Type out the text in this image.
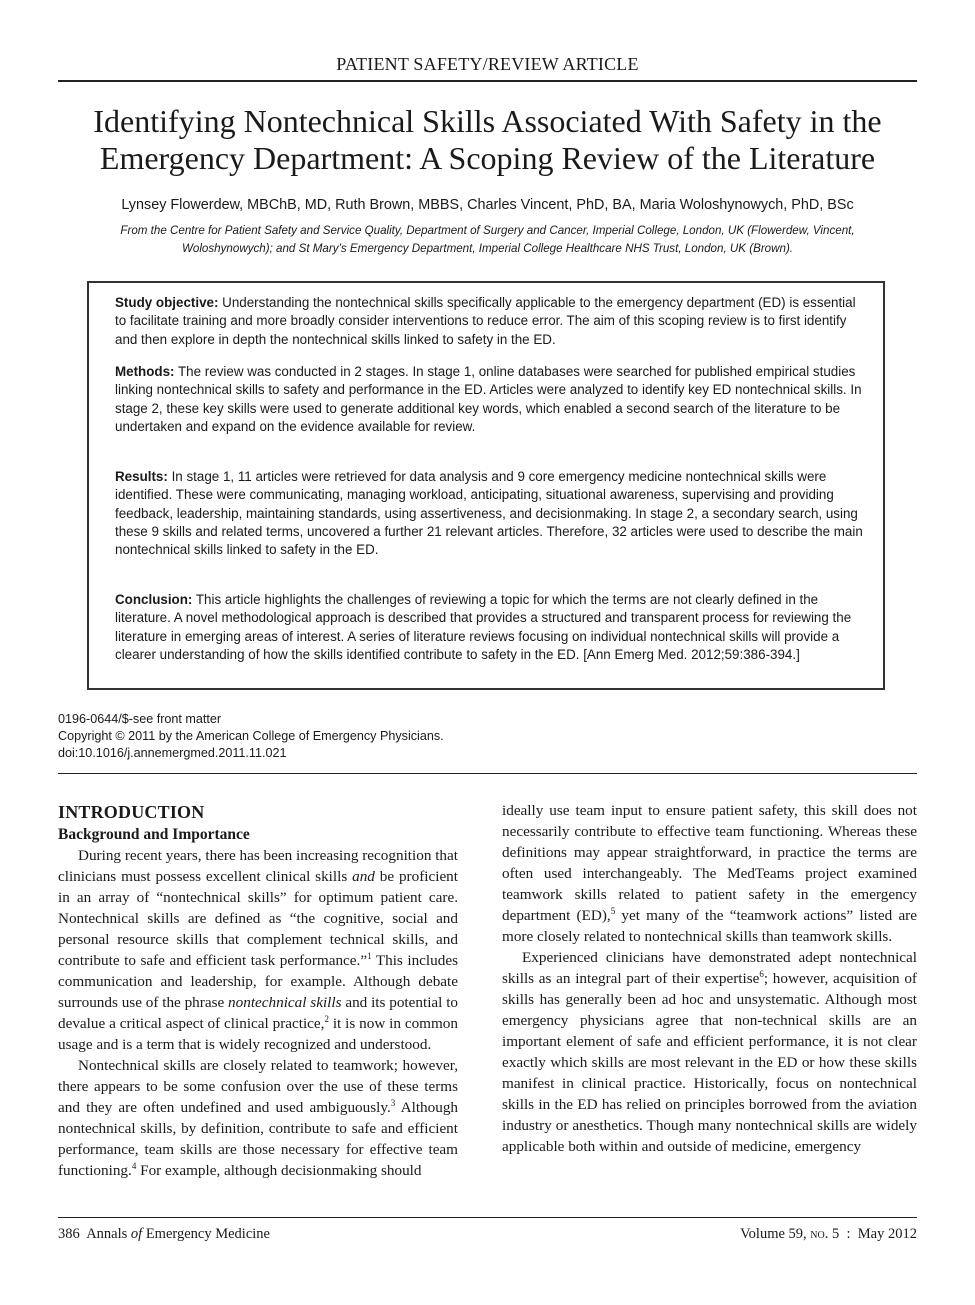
PATIENT SAFETY/REVIEW ARTICLE
Identifying Nontechnical Skills Associated With Safety in the
Emergency Department: A Scoping Review of the Literature
Lynsey Flowerdew, MBChB, MD, Ruth Brown, MBBS, Charles Vincent, PhD, BA, Maria Woloshynowych, PhD, BSc
From the Centre for Patient Safety and Service Quality, Department of Surgery and Cancer, Imperial College, London, UK (Flowerdew, Vincent,
Woloshynowych); and St Mary’s Emergency Department, Imperial College Healthcare NHS Trust, London, UK (Brown).

Study objective: Understanding the nontechnical skills specifically applicable to the emergency department (ED) is essential to facilitate training and more broadly consider interventions to reduce error. The aim of this scoping review is to first identify and then explore in depth the nontechnical skills linked to safety in the ED.

Methods: The review was conducted in 2 stages. In stage 1, online databases were searched for published empirical studies linking nontechnical skills to safety and performance in the ED. Articles were analyzed to identify key ED nontechnical skills. In stage 2, these key skills were used to generate additional key words, which enabled a second search of the literature to be undertaken and expand on the evidence available for review.

Results: In stage 1, 11 articles were retrieved for data analysis and 9 core emergency medicine nontechnical skills were identified. These were communicating, managing workload, anticipating, situational awareness, supervising and providing feedback, leadership, maintaining standards, using assertiveness, and decisionmaking. In stage 2, a secondary search, using these 9 skills and related terms, uncovered a further 21 relevant articles. Therefore, 32 articles were used to describe the main nontechnical skills linked to safety in the ED.

Conclusion: This article highlights the challenges of reviewing a topic for which the terms are not clearly defined in the literature. A novel methodological approach is described that provides a structured and transparent process for reviewing the literature in emerging areas of interest. A series of literature reviews focusing on individual nontechnical skills will provide a clearer understanding of how the skills identified contribute to safety in the ED. [Ann Emerg Med. 2012;59:386-394.]

0196-0644/$-see front matter
Copyright © 2011 by the American College of Emergency Physicians.
doi:10.1016/j.annemergmed.2011.11.021
INTRODUCTION
Background and Importance

During recent years, there has been increasing recognition that clinicians must possess excellent clinical skills and be proficient in an array of “nontechnical skills” for optimum patient care. Nontechnical skills are defined as “the cognitive, social and personal resource skills that complement technical skills, and contribute to safe and efficient task performance.”$^1$ This includes communication and leadership, for example. Although debate surrounds use of the phrase nontechnical skills and its potential to devalue a critical aspect of clinical practice,$^2$ it is now in common usage and is a term that is widely recognized and understood.

Nontechnical skills are closely related to teamwork; however, there appears to be some confusion over the use of these terms and they are often undefined and used ambiguously.$^3$ Although nontechnical skills, by definition, contribute to safe and efficient performance, team skills are those necessary for effective team functioning.$^4$ For example, although decisionmaking should

ideally use team input to ensure patient safety, this skill does not necessarily contribute to effective team functioning. Whereas these definitions may appear straightforward, in practice the terms are often used interchangeably. The MedTeams project examined teamwork skills related to patient safety in the emergency department (ED),$^5$ yet many of the “teamwork actions” listed are more closely related to nontechnical skills than teamwork skills.

Experienced clinicians have demonstrated adept nontechnical skills as an integral part of their expertise$^6$; however, acquisition of skills has generally been ad hoc and unsystematic. Although most emergency physicians agree that non-technical skills are an important element of safe and efficient performance, it is not clear exactly which skills are most relevant in the ED or how these skills manifest in clinical practice. Historically, focus on nontechnical skills in the ED has relied on principles borrowed from the aviation industry or anesthetics. Though many nontechnical skills are widely applicable both within and outside of medicine, emergency

386 Annals of Emergency Medicine	Volume 59, no. 5 : May 2012
